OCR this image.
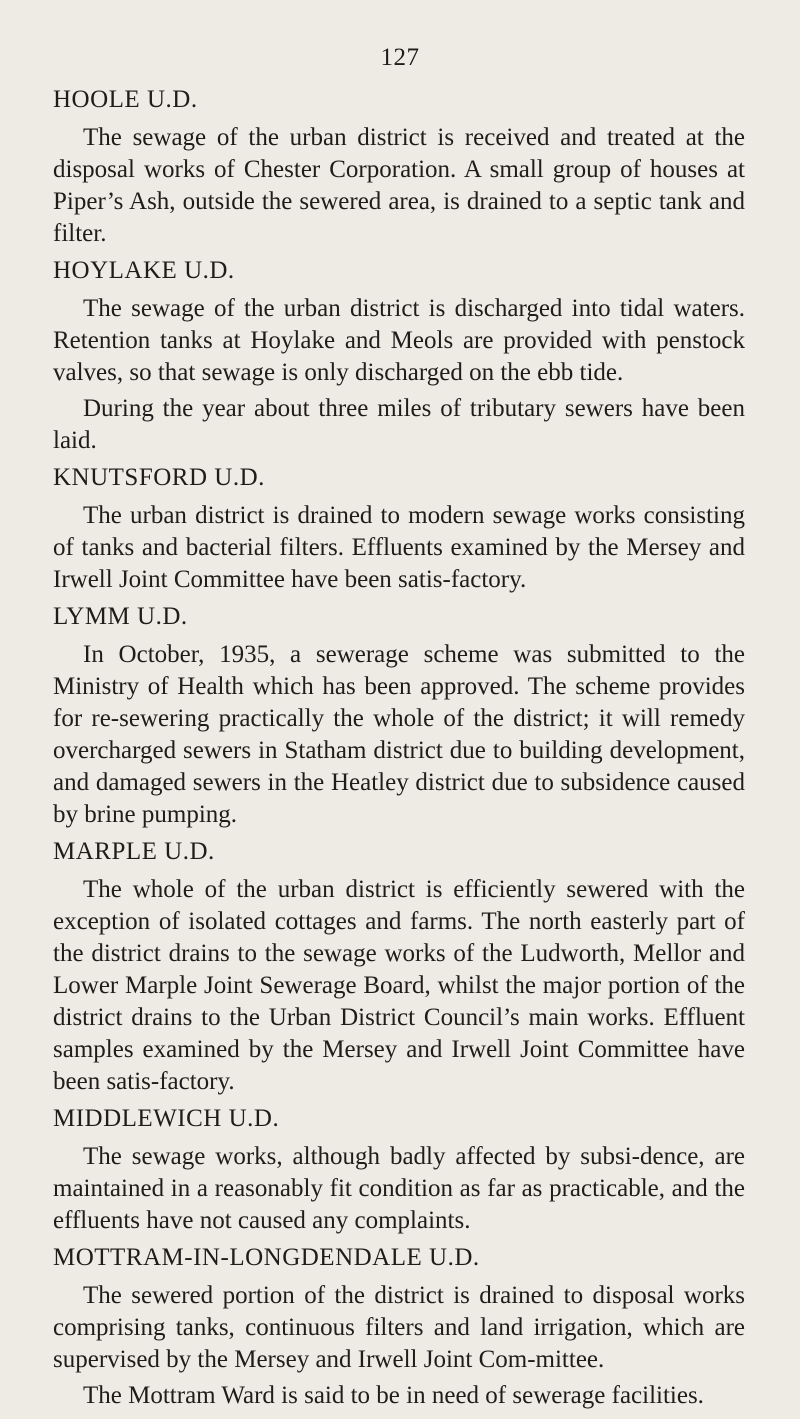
127
HOOLE U.D.

The sewage of the urban district is received and treated at the disposal works of Chester Corporation. A small group of houses at Piper’s Ash, outside the sewered area, is drained to a septic tank and filter.

HOYLAKE U.D.

The sewage of the urban district is discharged into tidal waters. Retention tanks at Hoylake and Meols are provided with penstock valves, so that sewage is only discharged on the ebb tide.

During the year about three miles of tributary sewers have been laid.

KNUTSFORD U.D.

The urban district is drained to modern sewage works consisting of tanks and bacterial filters. Effluents examined by the Mersey and Irwell Joint Committee have been satis-factory.

LYMM U.D.

In October, 1935, a sewerage scheme was submitted to the Ministry of Health which has been approved. The scheme provides for re-sewering practically the whole of the district; it will remedy overcharged sewers in Statham district due to building development, and damaged sewers in the Heatley district due to subsidence caused by brine pumping.

MARPLE U.D.

The whole of the urban district is efficiently sewered with the exception of isolated cottages and farms. The north easterly part of the district drains to the sewage works of the Ludworth, Mellor and Lower Marple Joint Sewerage Board, whilst the major portion of the district drains to the Urban District Council’s main works. Effluent samples examined by the Mersey and Irwell Joint Committee have been satis-factory.

MIDDLEWICH U.D.

The sewage works, although badly affected by subsi-dence, are maintained in a reasonably fit condition as far as practicable, and the effluents have not caused any complaints.

MOTTRAM-IN-LONGDENDALE U.D.

The sewered portion of the district is drained to disposal works comprising tanks, continuous filters and land irrigation, which are supervised by the Mersey and Irwell Joint Com-mittee.

The Mottram Ward is said to be in need of sewerage facilities.
